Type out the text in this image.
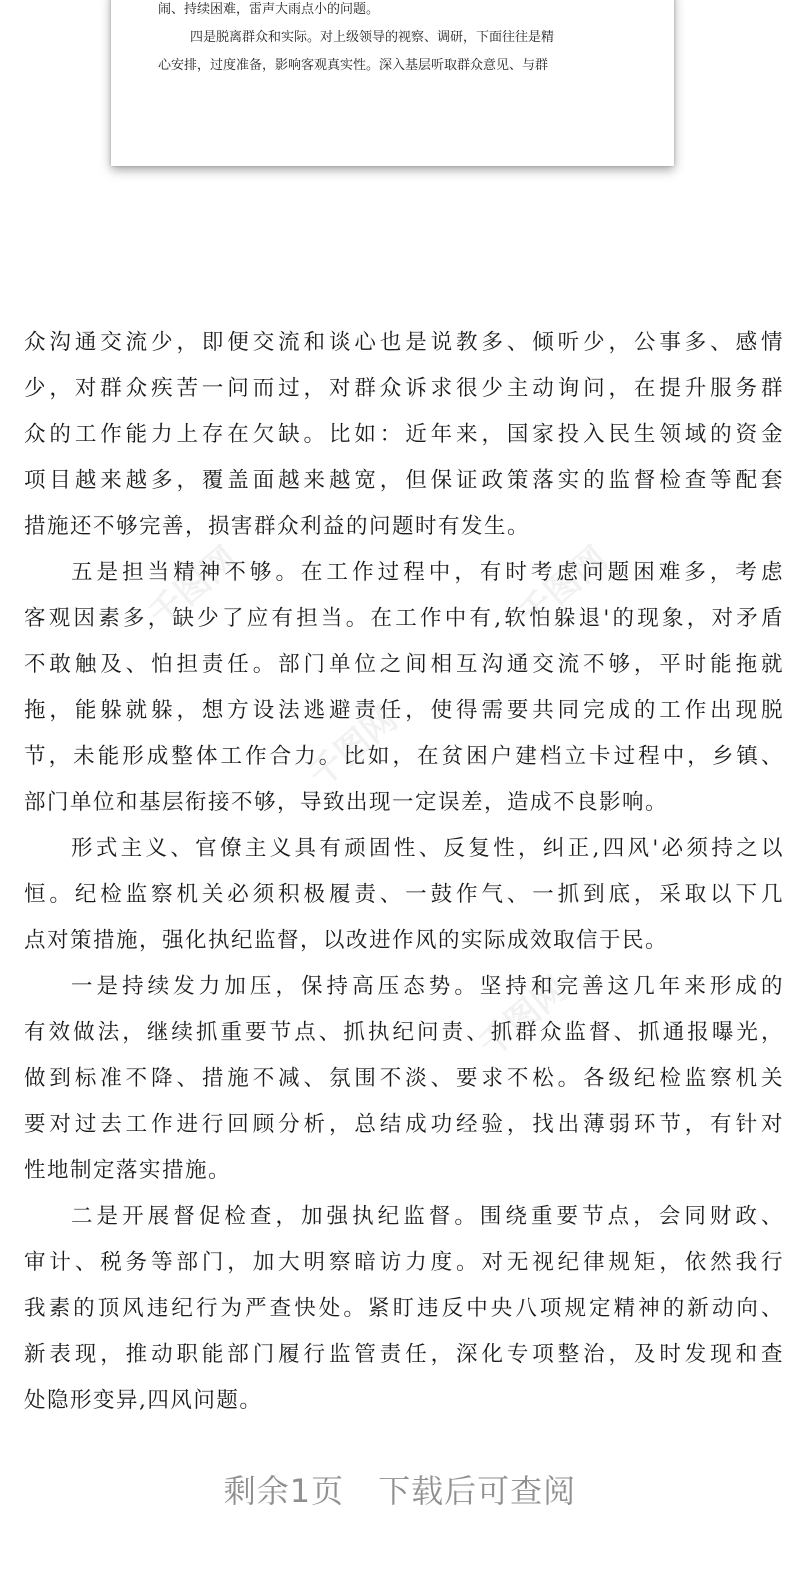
闹、持续困难，雷声大雨点小的问题。

四是脱离群众和实际。对上级领导的视察、调研，下面往往是精

心安排，过度准备，影响客观真实性。深入基层听取群众意见、与群

千图网	千图网
千图网
千图网
众沟通交流少，即便交流和谈心也是说教多、倾听少，公事多、感情
少，对群众疾苦一问而过，对群众诉求很少主动询问，在提升服务群
众的工作能力上存在欠缺。比如：近年来，国家投入民生领域的资金
项目越来越多，覆盖面越来越宽，但保证政策落实的监督检查等配套
措施还不够完善，损害群众利益的问题时有发生。
五是担当精神不够。在工作过程中，有时考虑问题困难多，考虑
客观因素多，缺少了应有担当。在工作中有,软怕躲退'的现象，对矛盾
不敢触及、怕担责任。部门单位之间相互沟通交流不够，平时能拖就
拖，能躲就躲，想方设法逃避责任，使得需要共同完成的工作出现脱
节，未能形成整体工作合力。比如，在贫困户建档立卡过程中，乡镇、
部门单位和基层衔接不够，导致出现一定误差，造成不良影响。
形式主义、官僚主义具有顽固性、反复性，纠正,四风'必须持之以
恒。纪检监察机关必须积极履责、一鼓作气、一抓到底，采取以下几
点对策措施，强化执纪监督，以改进作风的实际成效取信于民。
一是持续发力加压，保持高压态势。坚持和完善这几年来形成的
有效做法，继续抓重要节点、抓执纪问责、抓群众监督、抓通报曝光，
做到标准不降、措施不减、氛围不淡、要求不松。各级纪检监察机关
要对过去工作进行回顾分析，总结成功经验，找出薄弱环节，有针对
性地制定落实措施。
二是开展督促检查，加强执纪监督。围绕重要节点，会同财政、
审计、税务等部门，加大明察暗访力度。对无视纪律规矩，依然我行
我素的顶风违纪行为严查快处。紧盯违反中央八项规定精神的新动向、
新表现，推动职能部门履行监管责任，深化专项整治，及时发现和查
处隐形变异,四风问题。
剩余1页 下载后可查阅
